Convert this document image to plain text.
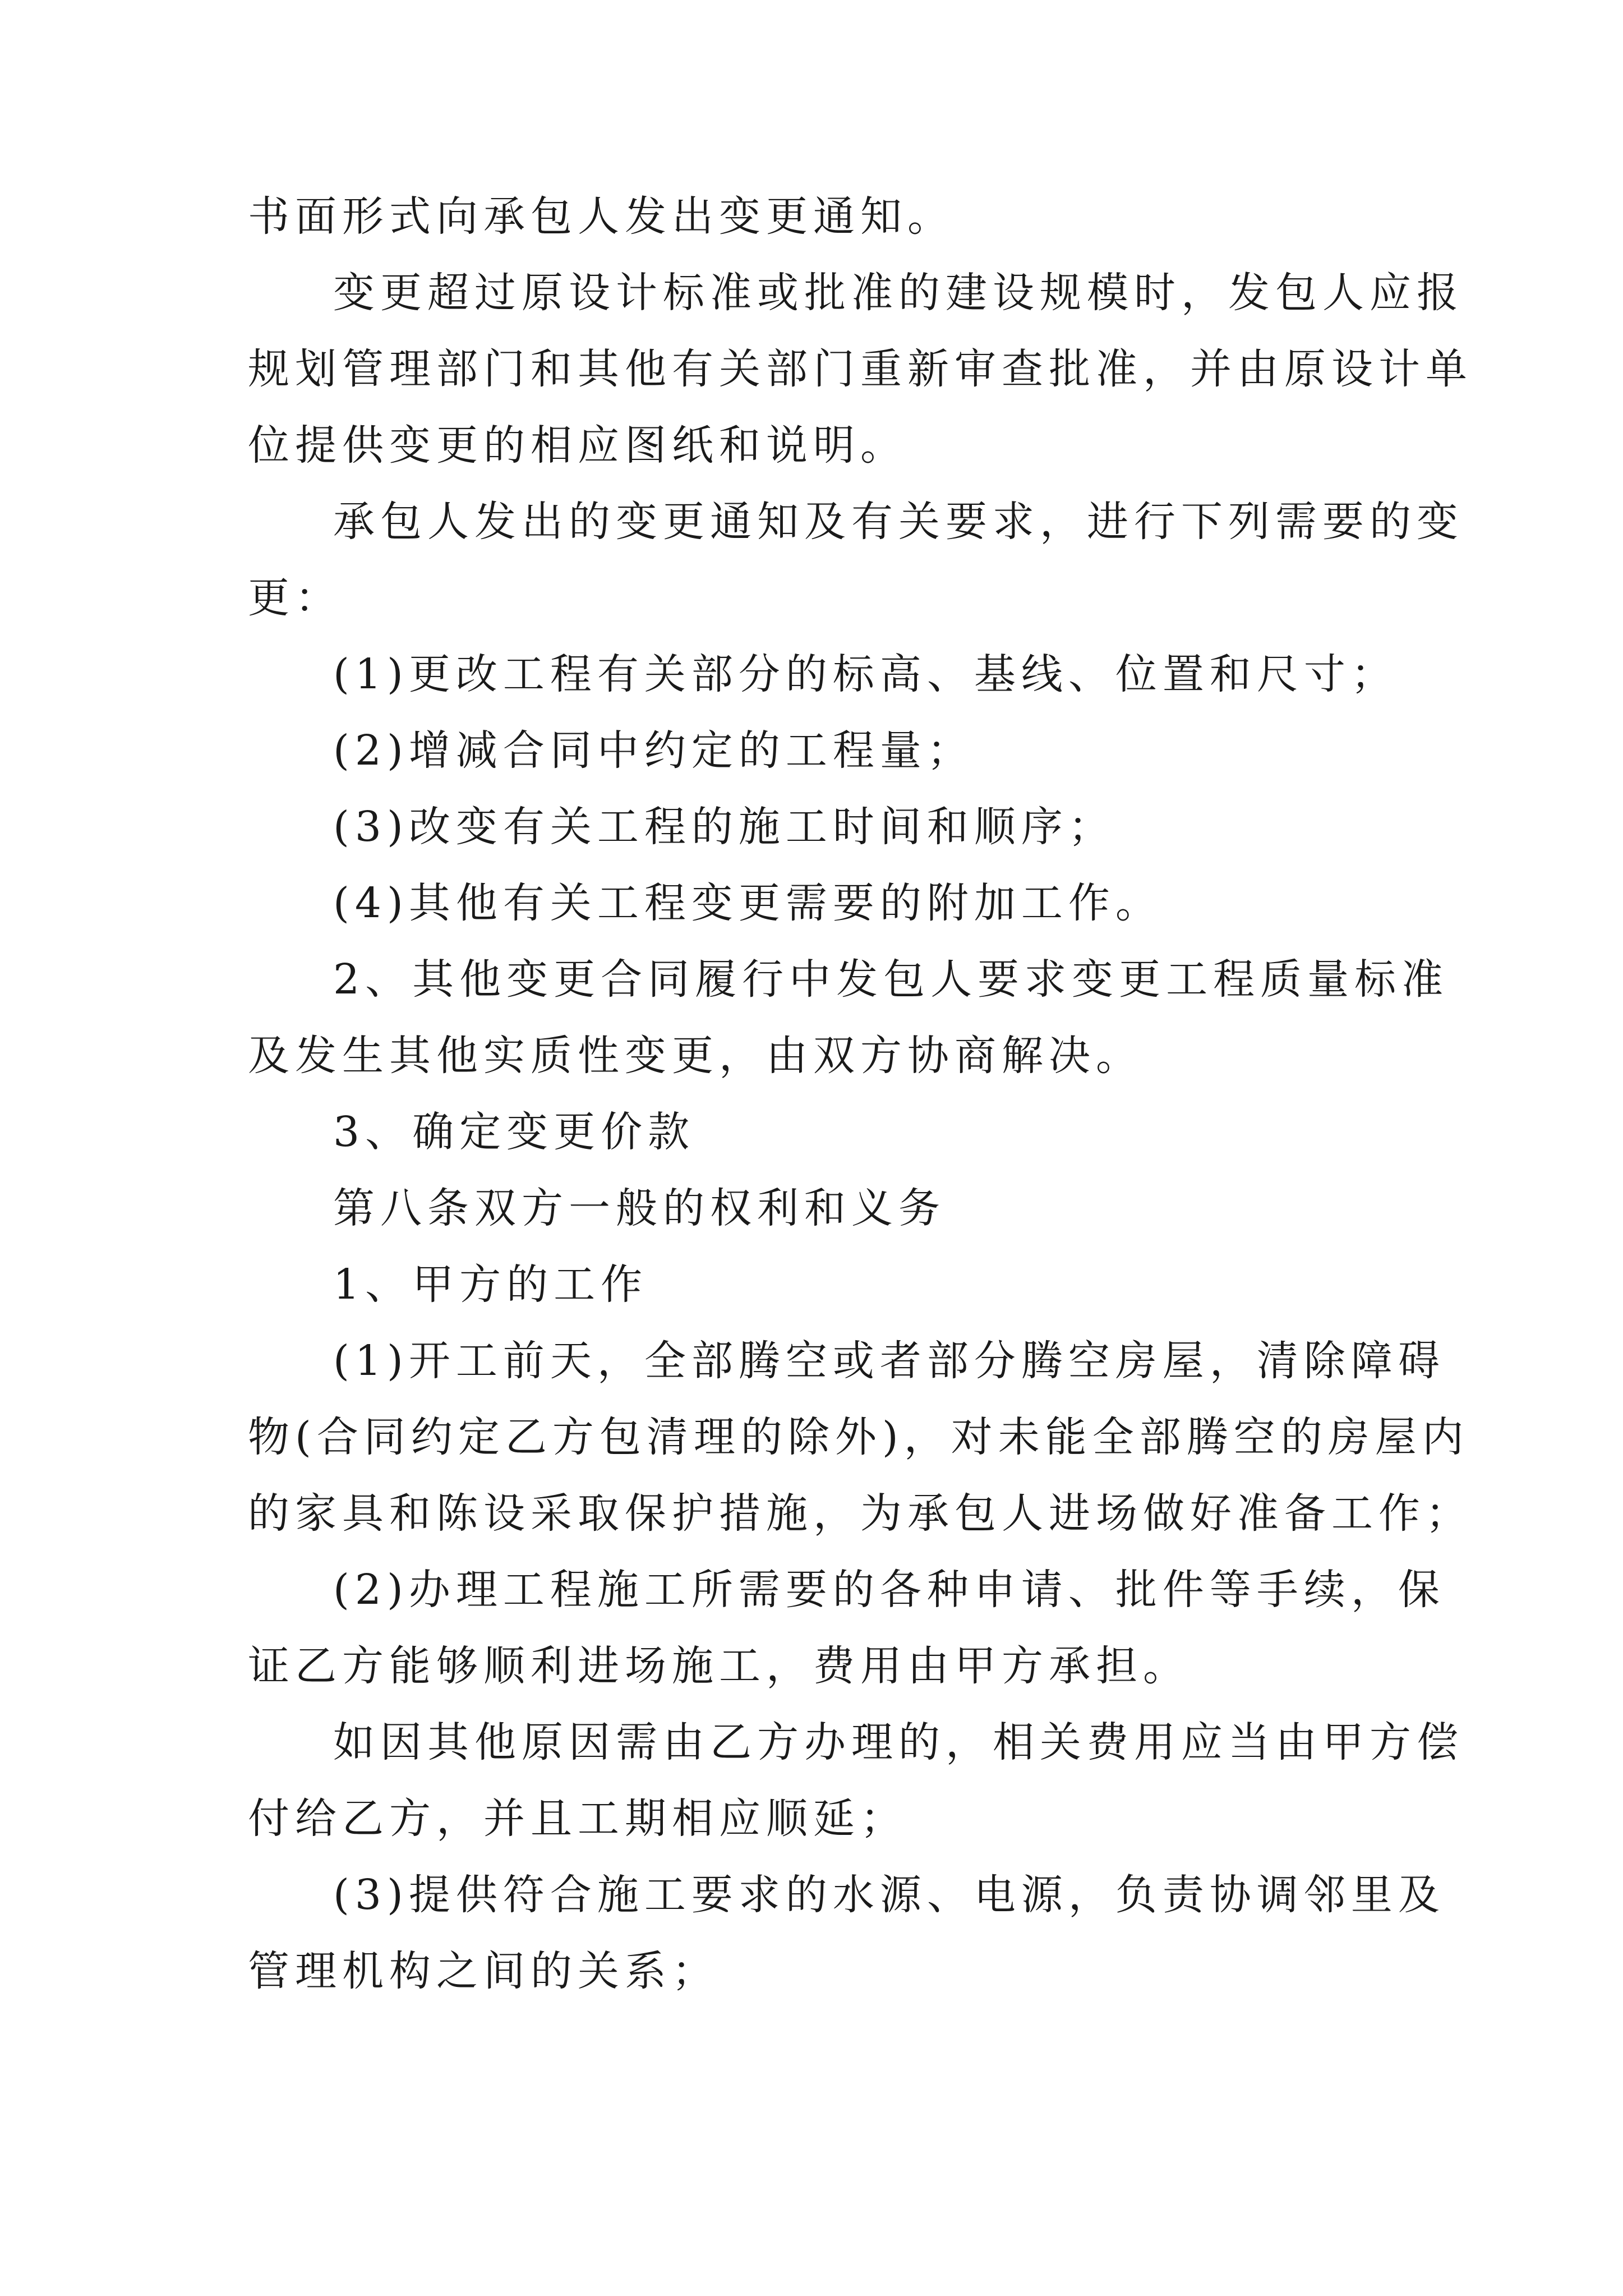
书面形式向承包人发出变更通知。
变更超过原设计标准或批准的建设规模时，发包人应报
规划管理部门和其他有关部门重新审查批准，并由原设计单
位提供变更的相应图纸和说明。
承包人发出的变更通知及有关要求，进行下列需要的变
更：
(1)更改工程有关部分的标高、基线、位置和尺寸；
(2)增减合同中约定的工程量；
(3)改变有关工程的施工时间和顺序；
(4)其他有关工程变更需要的附加工作。
2、其他变更合同履行中发包人要求变更工程质量标准
及发生其他实质性变更，由双方协商解决。
3、确定变更价款
第八条双方一般的权利和义务
1、甲方的工作
(1)开工前天，全部腾空或者部分腾空房屋，清除障碍
物(合同约定乙方包清理的除外)，对未能全部腾空的房屋内
的家具和陈设采取保护措施，为承包人进场做好准备工作；
(2)办理工程施工所需要的各种申请、批件等手续，保
证乙方能够顺利进场施工，费用由甲方承担。
如因其他原因需由乙方办理的，相关费用应当由甲方偿
付给乙方，并且工期相应顺延；
(3)提供符合施工要求的水源、电源，负责协调邻里及
管理机构之间的关系；
